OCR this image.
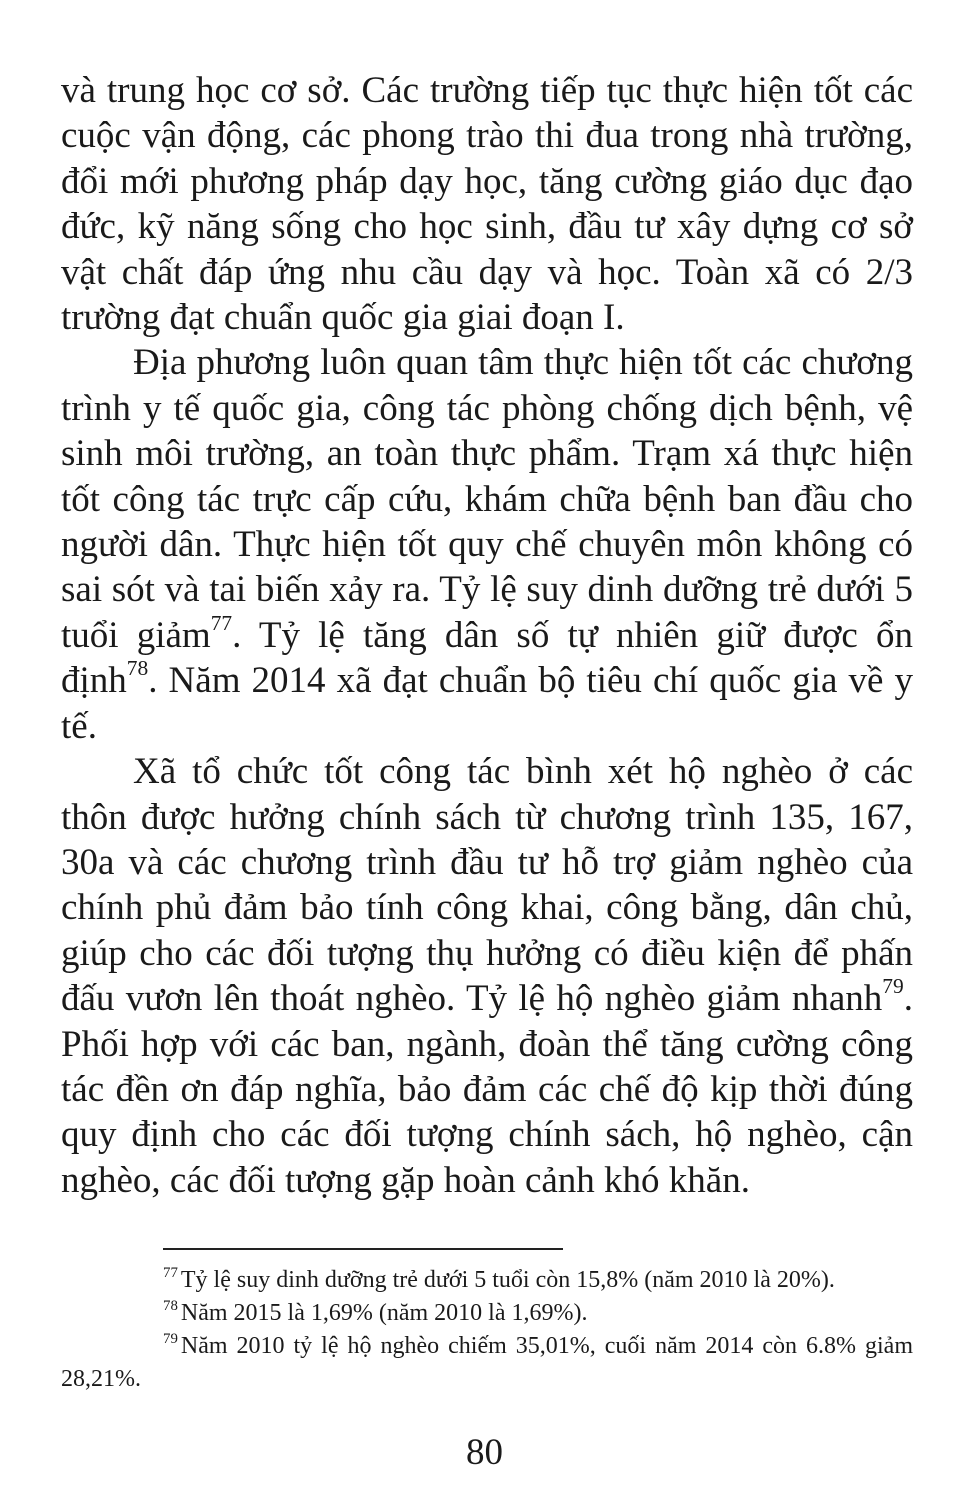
và trung học cơ sở. Các trường tiếp tục thực hiện tốt các cuộc vận động, các phong trào thi đua trong nhà trường, đổi mới phương pháp dạy học, tăng cường giáo dục đạo đức, kỹ năng sống cho học sinh, đầu tư xây dựng cơ sở vật chất đáp ứng nhu cầu dạy và học. Toàn xã có 2/3 trường đạt chuẩn quốc gia giai đoạn I.

Địa phương luôn quan tâm thực hiện tốt các chương trình y tế quốc gia, công tác phòng chống dịch bệnh, vệ sinh môi trường, an toàn thực phẩm. Trạm xá thực hiện tốt công tác trực cấp cứu, khám chữa bệnh ban đầu cho người dân. Thực hiện tốt quy chế chuyên môn không có sai sót và tai biến xảy ra. Tỷ lệ suy dinh dưỡng trẻ dưới 5 tuổi giảm$^{77}$. Tỷ lệ tăng dân số tự nhiên giữ được ổn định$^{78}$. Năm 2014 xã đạt chuẩn bộ tiêu chí quốc gia về y tế.

Xã tổ chức tốt công tác bình xét hộ nghèo ở các thôn được hưởng chính sách từ chương trình 135, 167, 30a và các chương trình đầu tư hỗ trợ giảm nghèo của chính phủ đảm bảo tính công khai, công bằng, dân chủ, giúp cho các đối tượng thụ hưởng có điều kiện để phấn đấu vươn lên thoát nghèo. Tỷ lệ hộ nghèo giảm nhanh$^{79}$. Phối hợp với các ban, ngành, đoàn thể tăng cường công tác đền ơn đáp nghĩa, bảo đảm các chế độ kịp thời đúng quy định cho các đối tượng chính sách, hộ nghèo, cận nghèo, các đối tượng gặp hoàn cảnh khó khăn.

$^{77}$ Tỷ lệ suy dinh dưỡng trẻ dưới 5 tuổi còn 15,8% (năm 2010 là 20%).

$^{78}$ Năm 2015 là 1,69% (năm 2010 là 1,69%).

$^{79}$ Năm 2010 tỷ lệ hộ nghèo chiếm 35,01%, cuối năm 2014 còn 6.8% giảm 28,21%.

80
